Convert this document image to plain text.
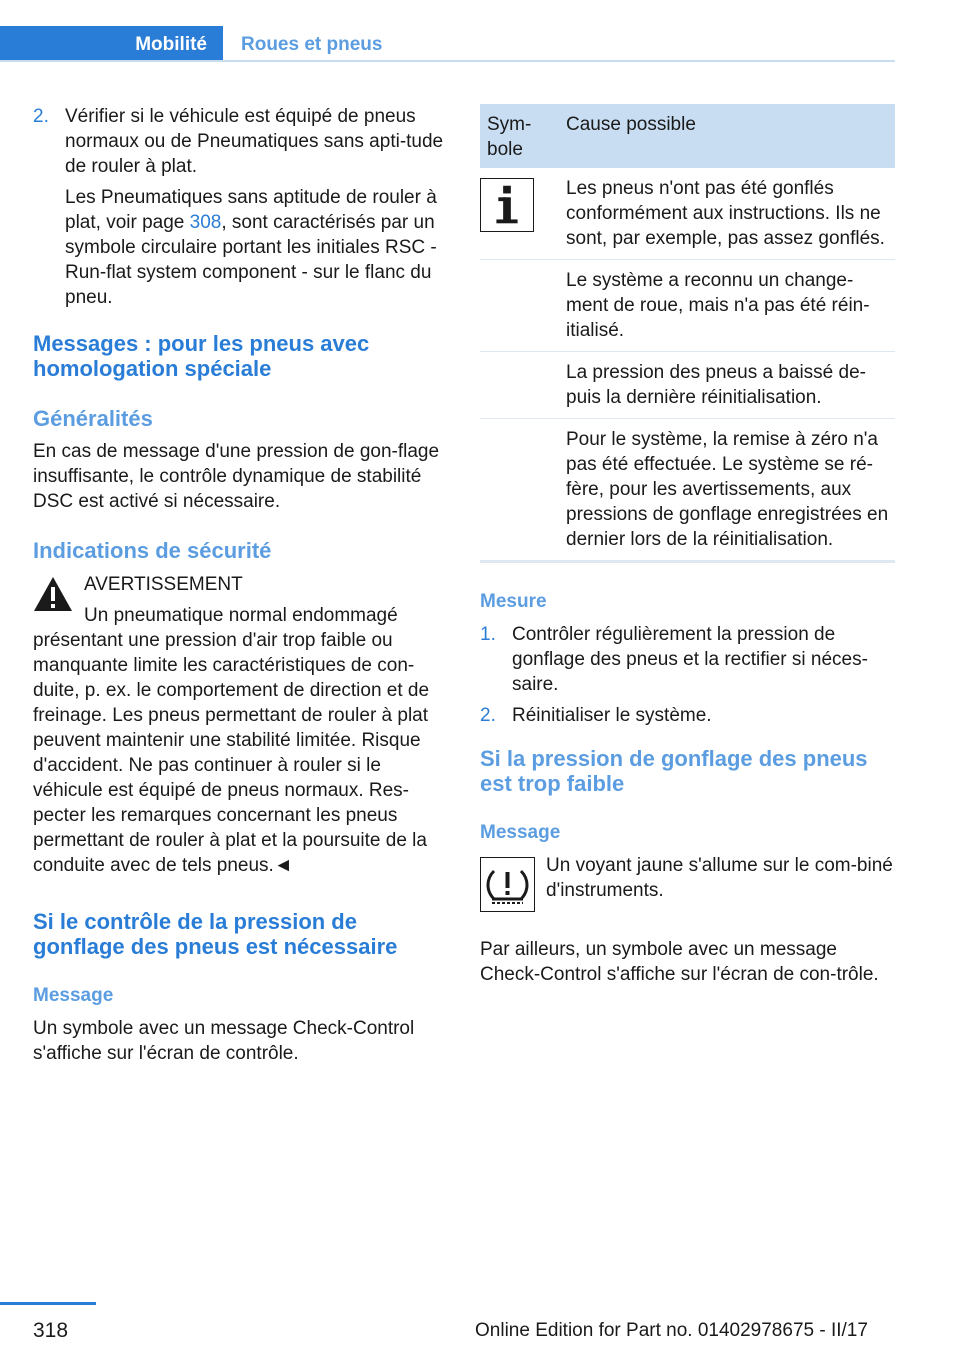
Mobilité	Roues et pneus
2. Vérifier si le véhicule est équipé de pneus normaux ou de Pneumatiques sans apti-tude de rouler à plat.

Les Pneumatiques sans aptitude de rouler à plat, voir page 308, sont caractérisés par un symbole circulaire portant les initiales RSC - Run-flat system component - sur le flanc du pneu.

Messages : pour les pneus avec homologation spéciale
Généralités

En cas de message d'une pression de gon-flage insuffisante, le contrôle dynamique de stabilité DSC est activé si nécessaire.

Indications de sécurité

AVERTISSEMENT

Un pneumatique normal endommagé présentant une pression d'air trop faible ou manquante limite les caractéristiques de con-duite, p. ex. le comportement de direction et de freinage. Les pneus permettant de rouler à plat peuvent maintenir une stabilité limitée. Risque d'accident. Ne pas continuer à rouler si le véhicule est équipé de pneus normaux. Res-pecter les remarques concernant les pneus permettant de rouler à plat et la poursuite de la conduite avec de tels pneus.◄

Si le contrôle de la pression de gonflage des pneus est nécessaire
Message

Un symbole avec un message Check-Control s'affiche sur l'écran de contrôle.

Sym-bole
Cause possible
Les pneus n'ont pas été gonflés conformément aux instructions. Ils ne sont, par exemple, pas assez gonflés.
Le système a reconnu un change-ment de roue, mais n'a pas été réin-itialisé.
La pression des pneus a baissé de-puis la dernière réinitialisation.
Pour le système, la remise à zéro n'a pas été effectuée. Le système se ré-fère, pour les avertissements, aux pressions de gonflage enregistrées en dernier lors de la réinitialisation.
Mesure
1. Contrôler régulièrement la pression de gonflage des pneus et la rectifier si néces-saire.

2. Réinitialiser le système.

Si la pression de gonflage des pneus est trop faible
Message

Un voyant jaune s'allume sur le com-biné d'instruments.

Par ailleurs, un symbole avec un message Check-Control s'affiche sur l'écran de con-trôle.

318	Online Edition for Part no. 01402978675 - II/17
